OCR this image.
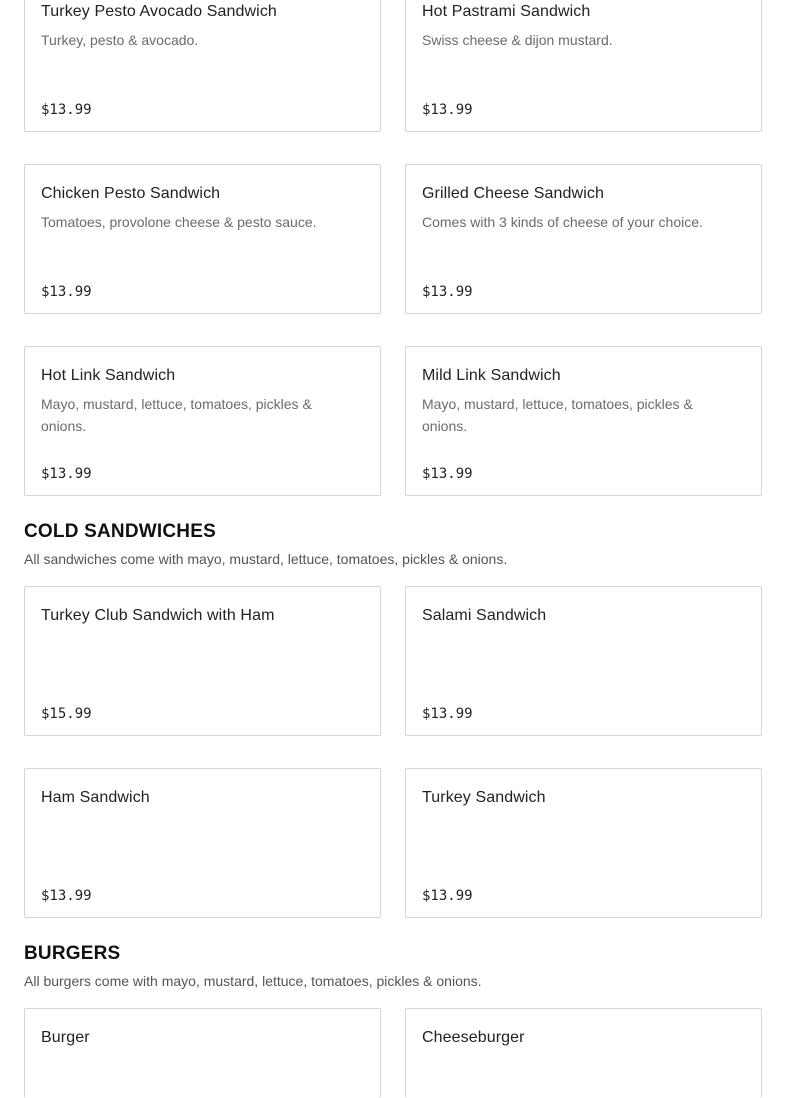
Turkey Pesto Avocado Sandwich
Turkey, pesto & avocado.
$13.99
Hot Pastrami Sandwich
Swiss cheese & dijon mustard.
$13.99
Chicken Pesto Sandwich
Tomatoes, provolone cheese & pesto sauce.
$13.99
Grilled Cheese Sandwich
Comes with 3 kinds of cheese of your choice.
$13.99
Hot Link Sandwich
Mayo, mustard, lettuce, tomatoes, pickles & onions.
$13.99
Mild Link Sandwich
Mayo, mustard, lettuce, tomatoes, pickles & onions.
$13.99
COLD SANDWICHES
All sandwiches come with mayo, mustard, lettuce, tomatoes, pickles & onions.
Turkey Club Sandwich with Ham
$15.99
Salami Sandwich
$13.99
Ham Sandwich
$13.99
Turkey Sandwich
$13.99
BURGERS
All burgers come with mayo, mustard, lettuce, tomatoes, pickles & onions.
Burger	Cheeseburger
